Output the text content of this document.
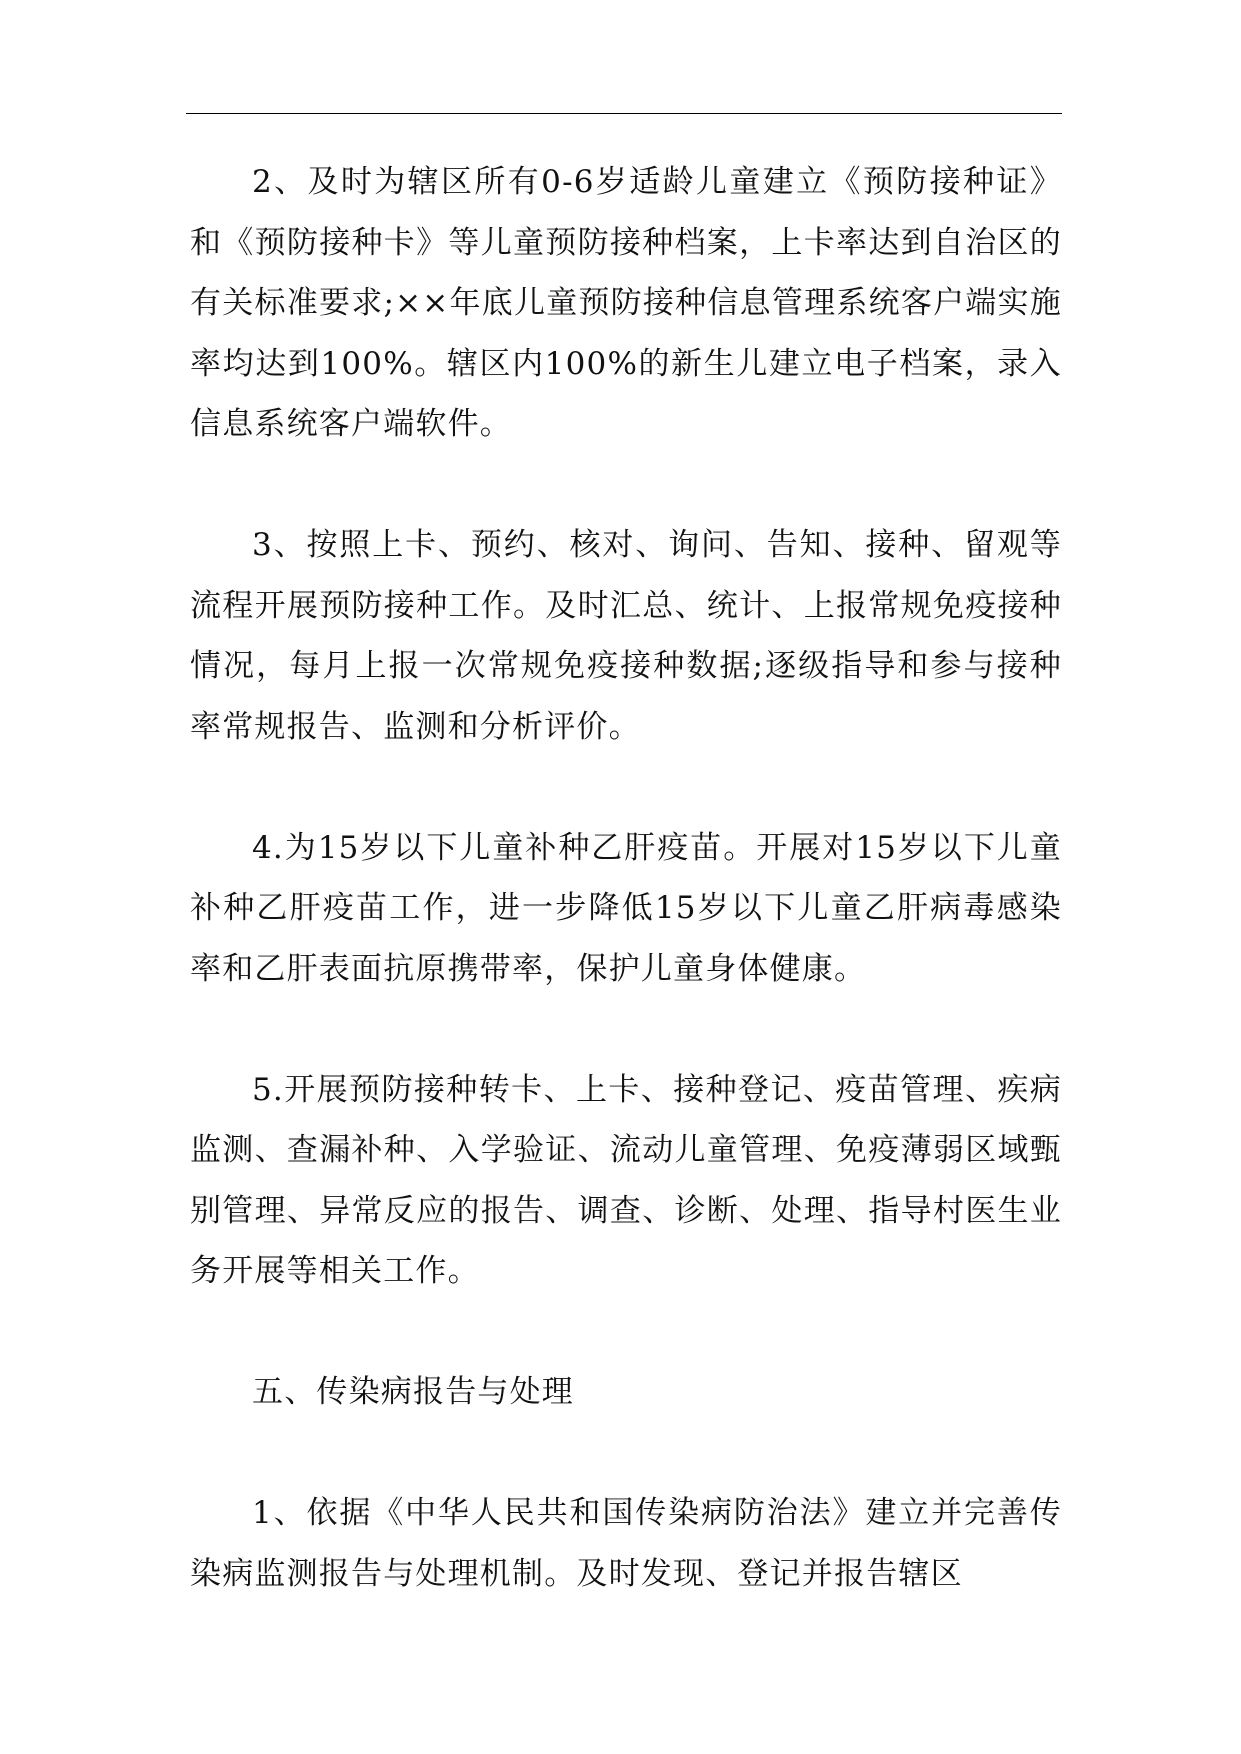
2、及时为辖区所有0-6岁适龄儿童建立《预防接种证》和《预防接种卡》等儿童预防接种档案，上卡率达到自治区的有关标准要求;××年底儿童预防接种信息管理系统客户端实施率均达到100%。辖区内100%的新生儿建立电子档案，录入信息系统客户端软件。

3、按照上卡、预约、核对、询问、告知、接种、留观等流程开展预防接种工作。及时汇总、统计、上报常规免疫接种情况，每月上报一次常规免疫接种数据;逐级指导和参与接种率常规报告、监测和分析评价。

4.为15岁以下儿童补种乙肝疫苗。开展对15岁以下儿童补种乙肝疫苗工作，进一步降低15岁以下儿童乙肝病毒感染率和乙肝表面抗原携带率，保护儿童身体健康。

5.开展预防接种转卡、上卡、接种登记、疫苗管理、疾病监测、查漏补种、入学验证、流动儿童管理、免疫薄弱区域甄别管理、异常反应的报告、调查、诊断、处理、指导村医生业务开展等相关工作。

五、传染病报告与处理

1、依据《中华人民共和国传染病防治法》建立并完善传染病监测报告与处理机制。及时发现、登记并报告辖区
